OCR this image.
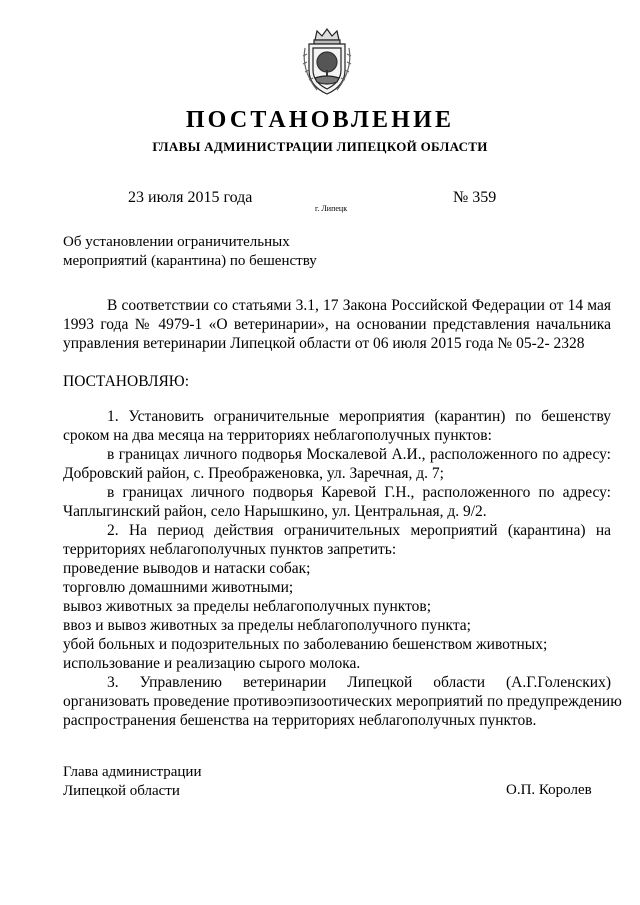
ПОСТАНОВЛЕНИЕ
ГЛАВЫ АДМИНИСТРАЦИИ ЛИПЕЦКОЙ ОБЛАСТИ
23 июля 2015 года
г. Липецк
№ 359
Об установлении ограничительных
мероприятий (карантина) по бешенству
В соответствии со статьями 3.1, 17 Закона Российской Федерации от 14 мая
1993 года № 4979-1 «О ветеринарии», на основании представления начальника
управления ветеринарии Липецкой области от 06 июля 2015 года № 05-2- 2328
ПОСТАНОВЛЯЮ:
1. Установить ограничительные мероприятия (карантин) по бешенству
сроком на два месяца на территориях неблагополучных пунктов:
в границах личного подворья Москалевой А.И., расположенного по адресу:
Добровский район, с. Преображеновка, ул. Заречная, д. 7;
в границах личного подворья Каревой Г.Н., расположенного по адресу:
Чаплыгинский район, село Нарышкино, ул. Центральная, д. 9/2.
2. На период действия ограничительных мероприятий (карантина) на
территориях неблагополучных пунктов запретить:
проведение выводов и натаски собак;
торговлю домашними животными;
вывоз животных за пределы неблагополучных пунктов;
ввоз и вывоз животных за пределы неблагополучного пункта;
убой больных и подозрительных по заболеванию бешенством животных;
использование и реализацию сырого молока.
3. Управлению ветеринарии Липецкой области (А.Г.Голенских)
организовать проведение противоэпизоотических мероприятий по предупреждению
распространения бешенства на территориях неблагополучных пунктов.
Глава администрации
Липецкой области	О.П. Королев
